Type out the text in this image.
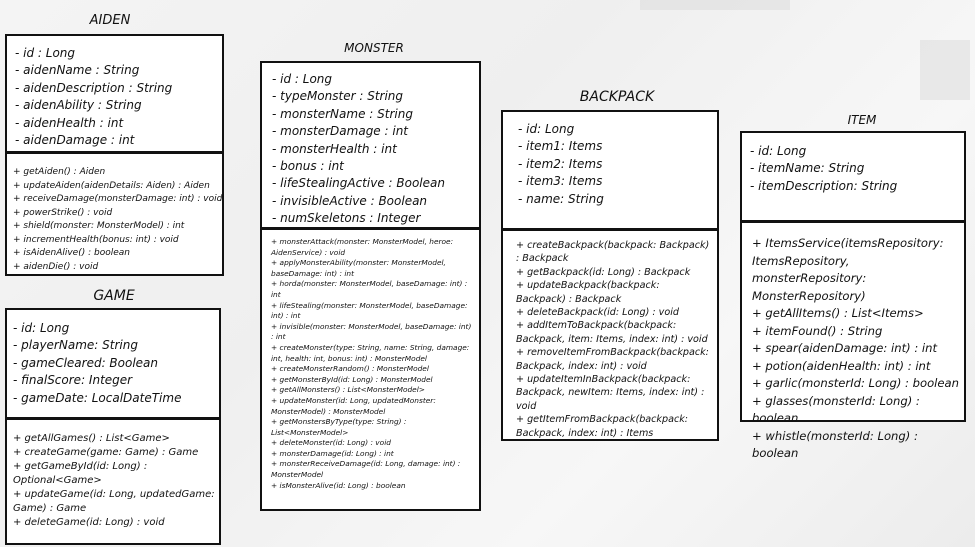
AIDEN
- id : Long
- aidenName : String
- aidenDescription : String
- aidenAbility : String
- aidenHealth : int
- aidenDamage : int
+ getAiden() : Aiden
+ updateAiden(aidenDetails: Aiden) : Aiden
+ receiveDamage(monsterDamage: int) : void
+ powerStrike() : void
+ shield(monster: MonsterModel) : int
+ incrementHealth(bonus: int) : void
+ isAidenAlive() : boolean
+ aidenDie() : void
GAME
- id: Long
- playerName: String
- gameCleared: Boolean
- finalScore: Integer
- gameDate: LocalDateTime
+ getAllGames() : List<Game>
+ createGame(game: Game) : Game
+ getGameById(id: Long) : Optional<Game>
+ updateGame(id: Long, updatedGame: Game) : Game
+ deleteGame(id: Long) : void
MONSTER
- id : Long
- typeMonster : String
- monsterName : String
- monsterDamage : int
- monsterHealth : int
- bonus : int
- lifeStealingActive : Boolean
- invisibleActive : Boolean
- numSkeletons : Integer
+ monsterAttack(monster: MonsterModel, heroe: AidenService) : void
+ applyMonsterAbility(monster: MonsterModel, baseDamage: int) : int
+ horda(monster: MonsterModel, baseDamage: int) : int
+ lifeStealing(monster: MonsterModel, baseDamage: int) : int
+ invisible(monster: MonsterModel, baseDamage: int) : int
+ createMonster(type: String, name: String, damage: int, health: int, bonus: int) : MonsterModel
+ createMonsterRandom() : MonsterModel
+ getMonsterById(id: Long) : MonsterModel
+ getAllMonsters() : List<MonsterModel>
+ updateMonster(id: Long, updatedMonster: MonsterModel) : MonsterModel
+ getMonstersByType(type: String) : List<MonsterModel>
+ deleteMonster(id: Long) : void
+ monsterDamage(id: Long) : int
+ monsterReceiveDamage(id: Long, damage: int) : MonsterModel
+ isMonsterAlive(id: Long) : boolean
BACKPACK
- id: Long
- item1: Items
- item2: Items
- item3: Items
- name: String
+ createBackpack(backpack: Backpack) : Backpack
+ getBackpack(id: Long) : Backpack
+ updateBackpack(backpack: Backpack) : Backpack
+ deleteBackpack(id: Long) : void
+ addItemToBackpack(backpack: Backpack, item: Items, index: int) : void
+ removeItemFromBackpack(backpack: Backpack, index: int) : void
+ updateItemInBackpack(backpack: Backpack, newItem: Items, index: int) : void
+ getItemFromBackpack(backpack: Backpack, index: int) : Items
ITEM
- id: Long
- itemName: String
- itemDescription: String
+ ItemsService(itemsRepository: ItemsRepository, monsterRepository: MonsterRepository)
+ getAllItems() : List<Items>
+ itemFound() : String
+ spear(aidenDamage: int) : int
+ potion(aidenHealth: int) : int
+ garlic(monsterId: Long) : boolean
+ glasses(monsterId: Long) : boolean
+ whistle(monsterId: Long) : boolean
